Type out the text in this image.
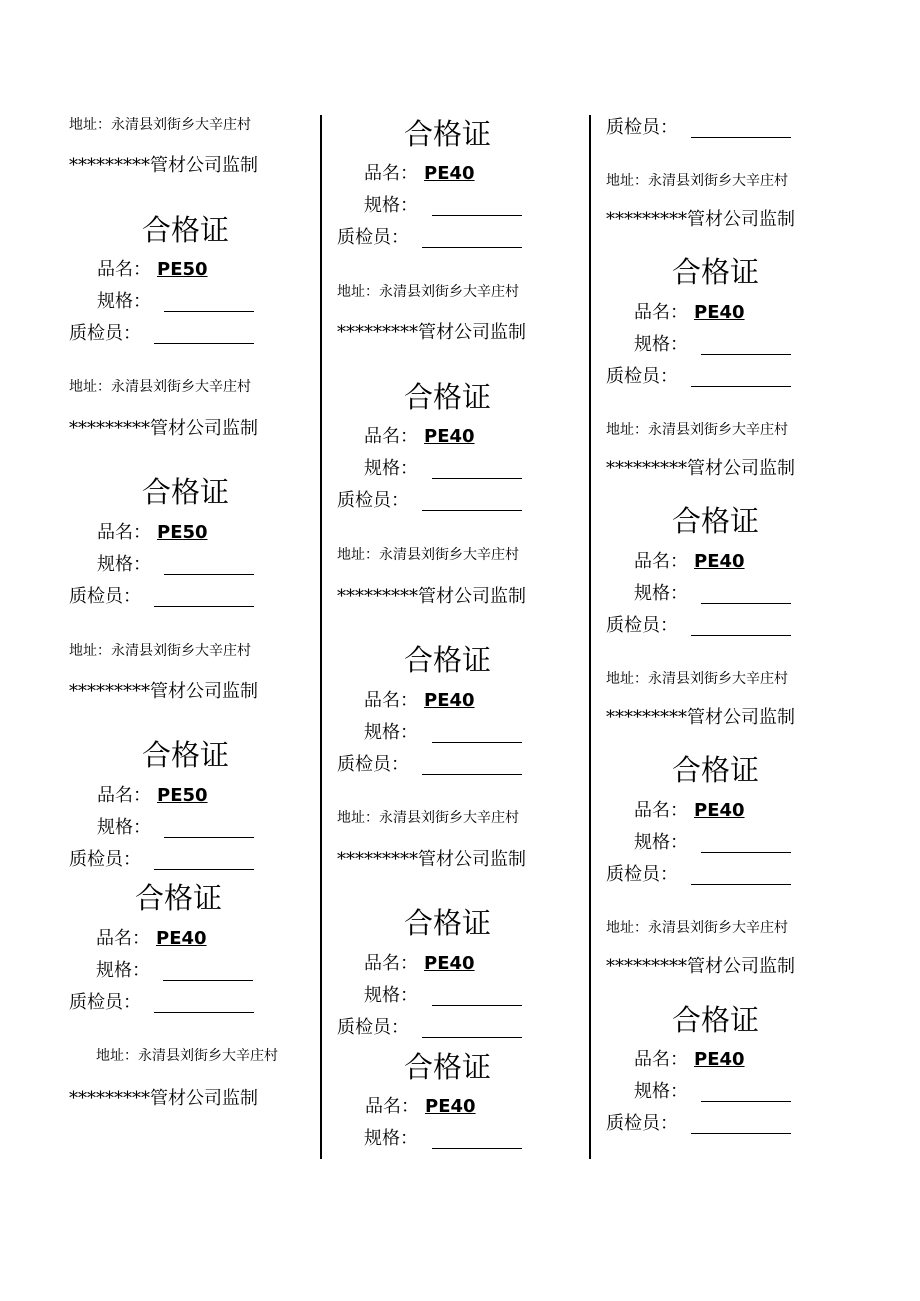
地址：永清县刘街乡大辛庄村
*********管材公司监制
合格证
品名： PE50
规格：
质检员：
地址：永清县刘街乡大辛庄村
*********管材公司监制
合格证
品名： PE50
规格：
质检员：
地址：永清县刘街乡大辛庄村
*********管材公司监制
合格证
品名： PE50
规格：
质检员：
合格证
品名： PE40
规格：
质检员：
地址：永清县刘街乡大辛庄村
*********管材公司监制
合格证
品名： PE40
规格：
质检员：
地址：永清县刘街乡大辛庄村
*********管材公司监制
合格证
品名： PE40
规格：
质检员：
地址：永清县刘街乡大辛庄村
*********管材公司监制
合格证
品名： PE40
规格：
质检员：
地址：永清县刘街乡大辛庄村
*********管材公司监制
合格证
品名： PE40
规格：
质检员：
合格证
品名： PE40
规格：
质检员：
地址：永清县刘街乡大辛庄村
*********管材公司监制
合格证
品名： PE40
规格：
质检员：
地址：永清县刘街乡大辛庄村
*********管材公司监制
合格证
品名： PE40
规格：
质检员：
地址：永清县刘街乡大辛庄村
*********管材公司监制
合格证
品名： PE40
规格：
质检员：
地址：永清县刘街乡大辛庄村
*********管材公司监制
合格证
品名： PE40
规格：
质检员：
